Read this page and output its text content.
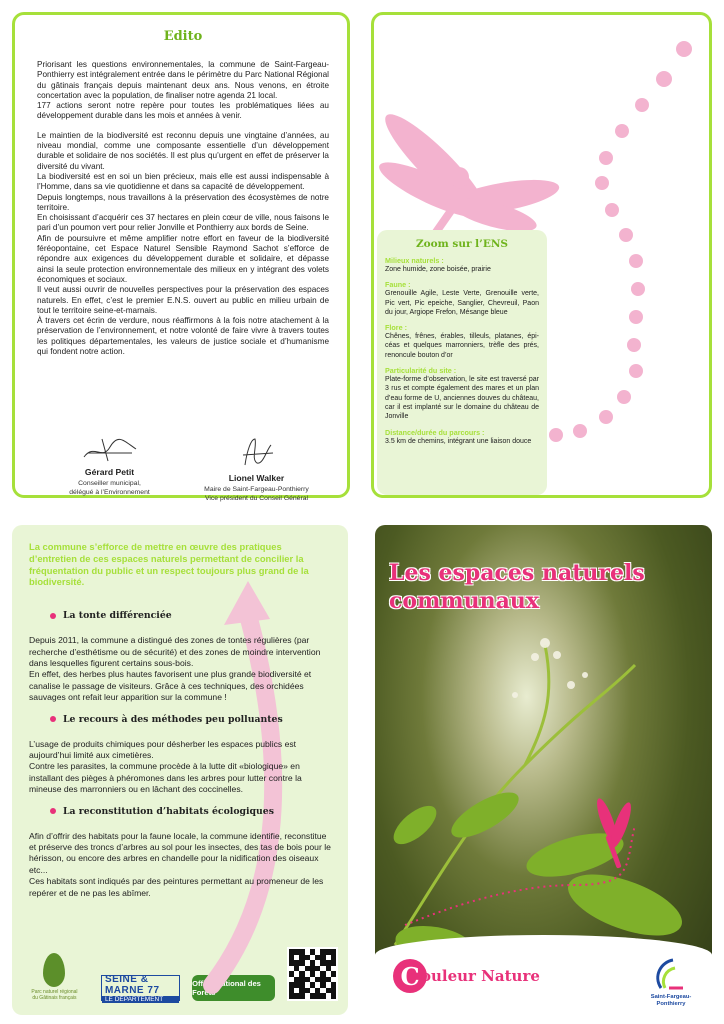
Edito

Priorisant les questions environnementales, la commune de Saint-Fargeau-Ponthierry est intégralement entrée dans le périmètre du Parc National Régional du gâtinais français depuis maintenant deux ans. Nous venons, en étroite concertation avec la population, de finaliser notre agenda 21 local.

177 actions seront notre repère pour toutes les problématiques liées au développement durable dans les mois et années à venir.

Le maintien de la biodiversité est reconnu depuis une vingtaine d’années, au niveau mondial, comme une composante essentielle d’un développement durable et solidaire de nos sociétés. Il est plus qu’urgent en effet de préserver la diversité du vivant.

La biodiversité est en soi un bien précieux, mais elle est aussi indispensable à l’Homme, dans sa vie quotidienne et dans sa capacité de développement.

Depuis longtemps, nous travaillons à la préservation des écosystèmes de notre territoire.

En choisissant d’acquérir ces 37 hectares en plein cœur de ville, nous faisons le pari d’un poumon vert pour relier Jonville et Ponthierry aux bords de Seine.

Afin de poursuivre et même amplifier notre effort en faveur de la biodiversité féréopontaine, cet Espace Naturel Sensible Raymond Sachot s’efforce de répondre aux exigences du développement durable et solidaire, et dépasse ainsi la seule protection environnementale des milieux en y intégrant des volets économiques et sociaux.

Il veut aussi ouvrir de nouvelles perspectives pour la préservation des espaces naturels. En effet, c’est le premier E.N.S. ouvert au public en milieu urbain de tout le territoire seine-et-marnais.

À travers cet écrin de verdure, nous réaffirmons à la fois notre atachement à la préservation de l’environnement, et notre volonté de faire vivre à travers toutes les politiques départementales, les valeurs de justice sociale et d’humanisme qui fondent notre action.

Gérard Petit
Conseiller municipal,
délégué à l’Environnement
Lionel Walker
Maire de Saint-Fargeau-Ponthierry
Vice président du Conseil Général
Zoom sur l’ENS
Milieux naturels :
Zone humide, zone boisée, prairie
Faune :
Grenouille Agile, Leste Verte, Grenouille verte, Pic vert, Pic epeiche, Sanglier, Chevreuil, Paon du jour, Argiope Frefon, Mésange bleue
Flore :
Chênes, frênes, érables, tilleuls, platanes, épi-céas et quelques marronniers, trèfle des prés, renoncule bouton d’or
Particularité du site :
Plate-forme d’observation, le site est traversé par 3 rus et compte également des mares et un plan d’eau forme de U, anciennes douves du château, car il est implanté sur le domaine du château de Jonville
Distance/durée du parcours :
3.5 km de chemins, intégrant une liaison douce
La commune s’efforce de mettre en œuvre des pratiques d’entretien de ces espaces naturels permettant de concilier la fréquentation du public et un respect toujours plus grand de la biodiversité.
La tonte différenciée
Depuis 2011, la commune a distingué des zones de tontes régulières (par recherche d’esthétisme ou de sécurité) et des zones de moindre intervention dans lesquelles figurent certains sous-bois.
En effet, des herbes plus hautes favorisent une plus grande biodiversité et canalise le passage de visiteurs. Grâce à ces techniques, des orchidées sauvages ont refait leur apparition sur la commune !
Le recours à des méthodes peu polluantes
L’usage de produits chimiques pour désherber les espaces publics est aujourd’hui limité aux cimetières.
Contre les parasites, la commune procède à la lutte dit «biologique» en installant des pièges à phéromones dans les arbres pour lutter contre la mineuse des marronniers ou en lâchant des coccinelles.
La reconstitution d’habitats écologiques
Afin d’offrir des habitats pour la faune locale, la commune identifie, reconstitue et préserve des troncs d’arbres au sol pour les insectes, des tas de bois pour le hérisson, ou encore des arbres en chandelle pour la nidification des oiseaux etc...
Ces habitats sont indiqués par des peintures permettant au promeneur de les repérer et de ne pas les abîmer.
Parc naturel régional du Gâtinais français
SEINE & MARNE 77
LE DÉPARTEMENT
Office National des Forêts
Les espaces naturels communaux
C ouleur Nature
Saint-Fargeau-Ponthierry
